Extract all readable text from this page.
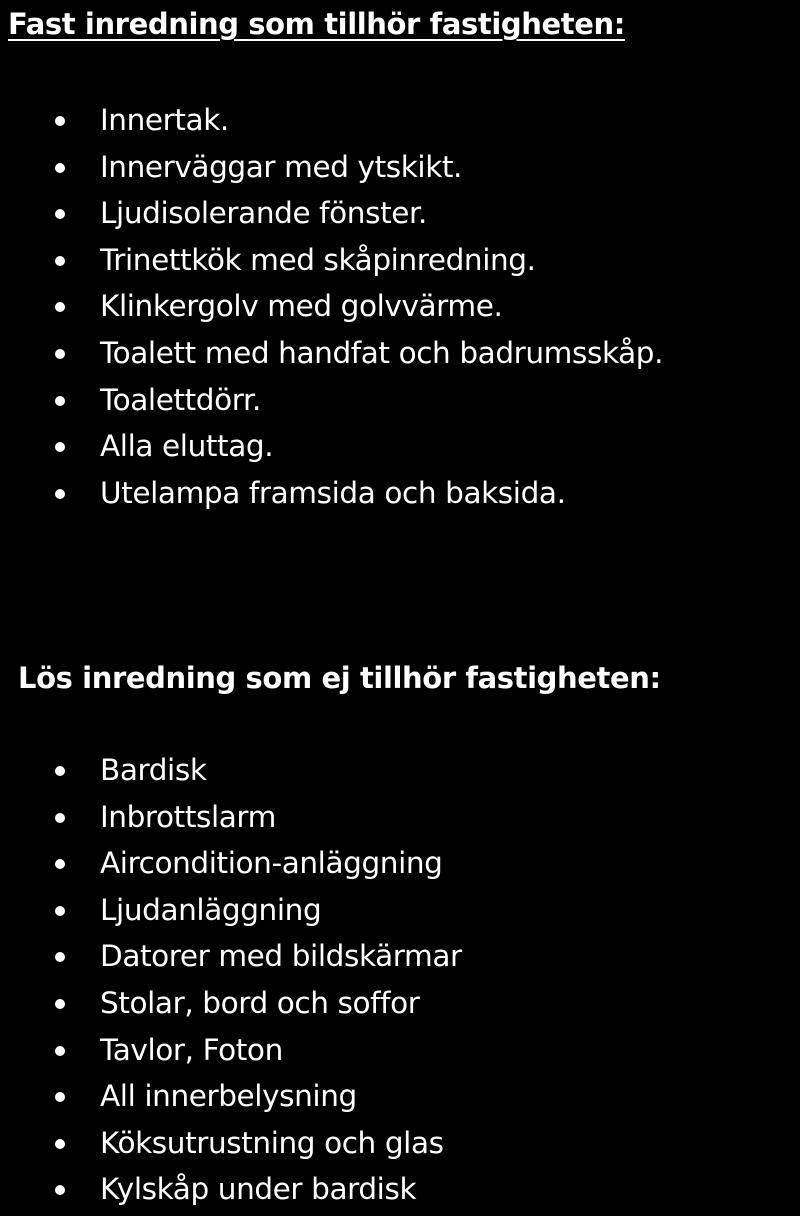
Fast inredning som tillhör fastigheten:
Innertak.
Innerväggar med ytskikt.
Ljudisolerande fönster.
Trinettkök med skåpinredning.
Klinkergolv med golvvärme.
Toalett med handfat och badrumsskåp.
Toalettdörr.
Alla eluttag.
Utelampa framsida och baksida.
Lös inredning som ej tillhör fastigheten:
Bardisk
Inbrottslarm
Aircondition-anläggning
Ljudanläggning
Datorer med bildskärmar
Stolar, bord och soffor
Tavlor, Foton
All innerbelysning
Köksutrustning och glas
Kylskåp under bardisk
